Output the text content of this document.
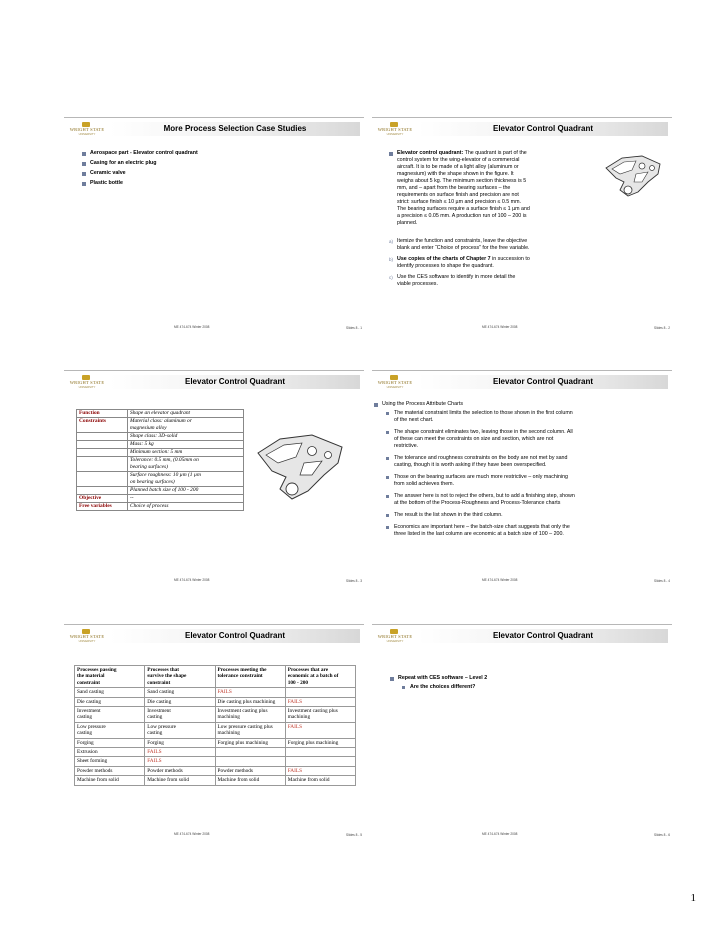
WRIGHT STATE
UNIVERSITY
More Process Selection Case Studies
Aerospace part - Elevator control quadrant
Casing for an electric plug
Ceramic valve
Plastic bottle
ME 474-674 Winter 2008	Slides 8 - 1
WRIGHT STATE
UNIVERSITY
Elevator Control Quadrant
Elevator control quadrant: The quadrant is part of the
control system for the wing-elevator of a commercial
aircraft. It is to be made of a light alloy (aluminum or
magnesium) with the shape shown in the figure. It
weighs about 5 kg. The minimum section thickness is 5
mm, and – apart from the bearing surfaces – the
requirements on surface finish and precision are not
strict: surface finish ≤ 10 µm and precision ≤ 0.5 mm.
The bearing surfaces require a surface finish ≤ 1 µm and
a precision ≤ 0.05 mm. A production run of 100 – 200 is
planned.
a) Itemize the function and constraints, leave the objective
blank and enter “Choice of process” for the free variable.
b) Use copies of the charts of Chapter 7 in succession to
identify processes to shape the quadrant.
c) Use the CES software to identify in more detail the
viable processes.
ME 474-674 Winter 2008	Slides 8 - 2
WRIGHT STATE
UNIVERSITY
Elevator Control Quadrant
Function	Shape an elevator quadrant
Constraints	Material class: aluminum or
magnesium alloy
	Shape class: 3D-solid
	Mass: 5 kg
	Minimum section: 5 mm
	Tolerance: 0.5 mm, (0.05mm on
bearing surfaces)
	Surface roughness: 10 µm (1 µm
on bearing surfaces)
	Planned batch size of 100 - 200
Objective	--
Free variables	Choice of process
ME 474-674 Winter 2008	Slides 8 - 3
WRIGHT STATE
UNIVERSITY
Elevator Control Quadrant
Using the Process Attribute Charts
The material constraint limits the selection to those shown in the first column
of the next chart.
The shape constraint eliminates two, leaving those in the second column. All
of these can meet the constraints on size and section, which are not
restrictive.
The tolerance and roughness constraints on the body are not met by sand
casting, though it is worth asking if they have been overspecified.
Those on the bearing surfaces are much more restrictive – only machining
from solid achieves them.
The answer here is not to reject the others, but to add a finishing step, shown
at the bottom of the Process-Roughness and Process-Tolerance charts
The result is the list shown in the third column.
Economics are important here – the batch-size chart suggests that only the
three listed in the last column are economic at a batch size of 100 – 200.
ME 474-674 Winter 2008	Slides 8 - 4
WRIGHT STATE
UNIVERSITY
Elevator Control Quadrant
Processes passing
the material
constraint	Processes that
survive the shape
constraint	Processes meeting the
tolerance constraint	Processes that are
economic at a batch of
100 - 200
Sand casting	Sand casting	FAILS	
Die casting	Die casting	Die casting plus machining	FAILS
Investment
casting	Investment
casting	Investment casting plus
machining	Investment casting plus
machining
Low pressure
casting	Low pressure
casting	Low pressure casting plus
machining	FAILS
Forging	Forging	Forging plus machining	Forging plus machining
Extrusion	FAILS		
Sheet forming	FAILS		
Powder methods	Powder methods	Powder methods	FAILS
Machine from solid	Machine from solid	Machine from solid	Machine from solid
ME 474-674 Winter 2008	Slides 8 - 5
WRIGHT STATE
UNIVERSITY
Elevator Control Quadrant
Repeat with CES software – Level 2
Are the choices different?
ME 474-674 Winter 2008	Slides 8 - 6
1
